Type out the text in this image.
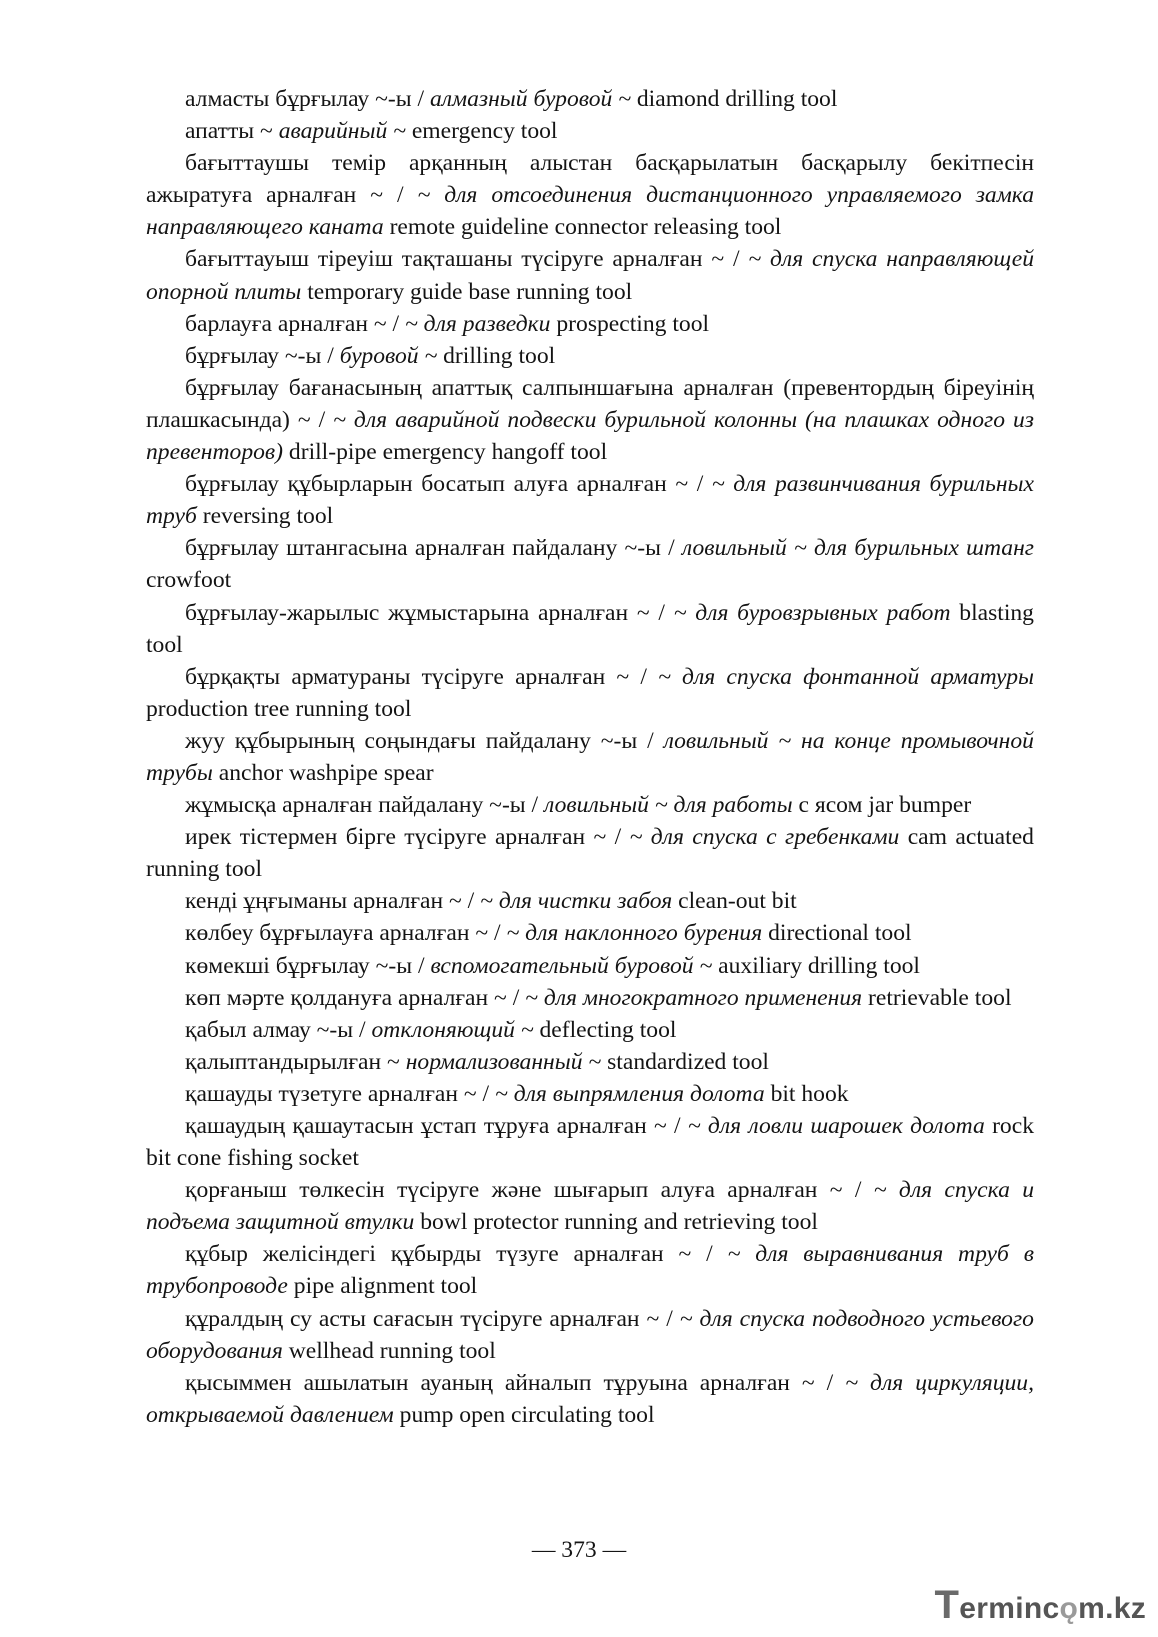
алмасты бұрғылау ~-ы / алмазный буровой ~ diamond drilling tool

апатты ~ аварийный ~ emergency tool

бағыттаушы темір арқанның алыстан басқарылатын басқарылу бекітпесін ажыратуға арналған ~ / ~ для отсоединения дистанционного управляемого замка направляющего каната remote guideline connector releasing tool

бағыттауыш тіреуіш тақташаны түсіруге арналған ~ / ~ для спуска направляющей опорной плиты temporary guide base running tool

барлауға арналған ~ / ~ для разведки prospecting tool

бұрғылау ~-ы / буровой ~ drilling tool

бұрғылау бағанасының апаттық салпыншағына арналған (превентордың біреуінің плашкасында) ~ / ~ для аварийной подвески бурильной колонны (на плашках одного из превенторов) drill-pipe emergency hangoff tool

бұрғылау құбырларын босатып алуға арналған ~ / ~ для развинчивания бурильных труб reversing tool

бұрғылау штангасына арналған пайдалану ~-ы / ловильный ~ для бурильных штанг crowfoot

бұрғылау-жарылыс жұмыстарына арналған ~ / ~ для буровзрывных работ blasting tool

бұрқақты арматураны түсіруге арналған ~ / ~ для спуска фонтанной арматуры production tree running tool

жуу құбырының соңындағы пайдалану ~-ы / ловильный ~ на конце промывочной трубы anchor washpipe spear

жұмысқа арналған пайдалану ~-ы / ловильный ~ для работы с ясом jar bumper

ирек тістермен бірге түсіруге арналған ~ / ~ для спуска с гребенками cam actuated running tool

кенді ұңғыманы арналған ~ / ~ для чистки забоя clean-out bit

көлбеу бұрғылауға арналған ~ / ~ для наклонного бурения directional tool

көмекші бұрғылау ~-ы / вспомогательный буровой ~ auxiliary drilling tool

көп мәрте қолдануға арналған ~ / ~ для многократного применения retrievable tool

қабыл алмау ~-ы / отклоняющий ~ deflecting tool

қалыптандырылған ~ нормализованный ~ standardized tool

қашауды түзетуге арналған ~ / ~ для выпрямления долота bit hook

қашаудың қашаутасын ұстап тұруға арналған ~ / ~ для ловли шарошек долота rock bit cone fishing socket

қорғаныш төлкесін түсіруге және шығарып алуға арналған ~ / ~ для спуска и подъема защитной втулки bowl protector running and retrieving tool

құбыр желісіндегі құбырды түзуге арналған ~ / ~ для выравнивания труб в трубопроводе pipe alignment tool

құралдың су асты сағасын түсіруге арналған ~ / ~ для спуска подводного устьевого оборудования wellhead running tool

қысыммен ашылатын ауаның айналып тұруына арналған ~ / ~ для циркуляции, открываемой давлением pump open circulating tool

— 373 —
Termincǫm.kz
